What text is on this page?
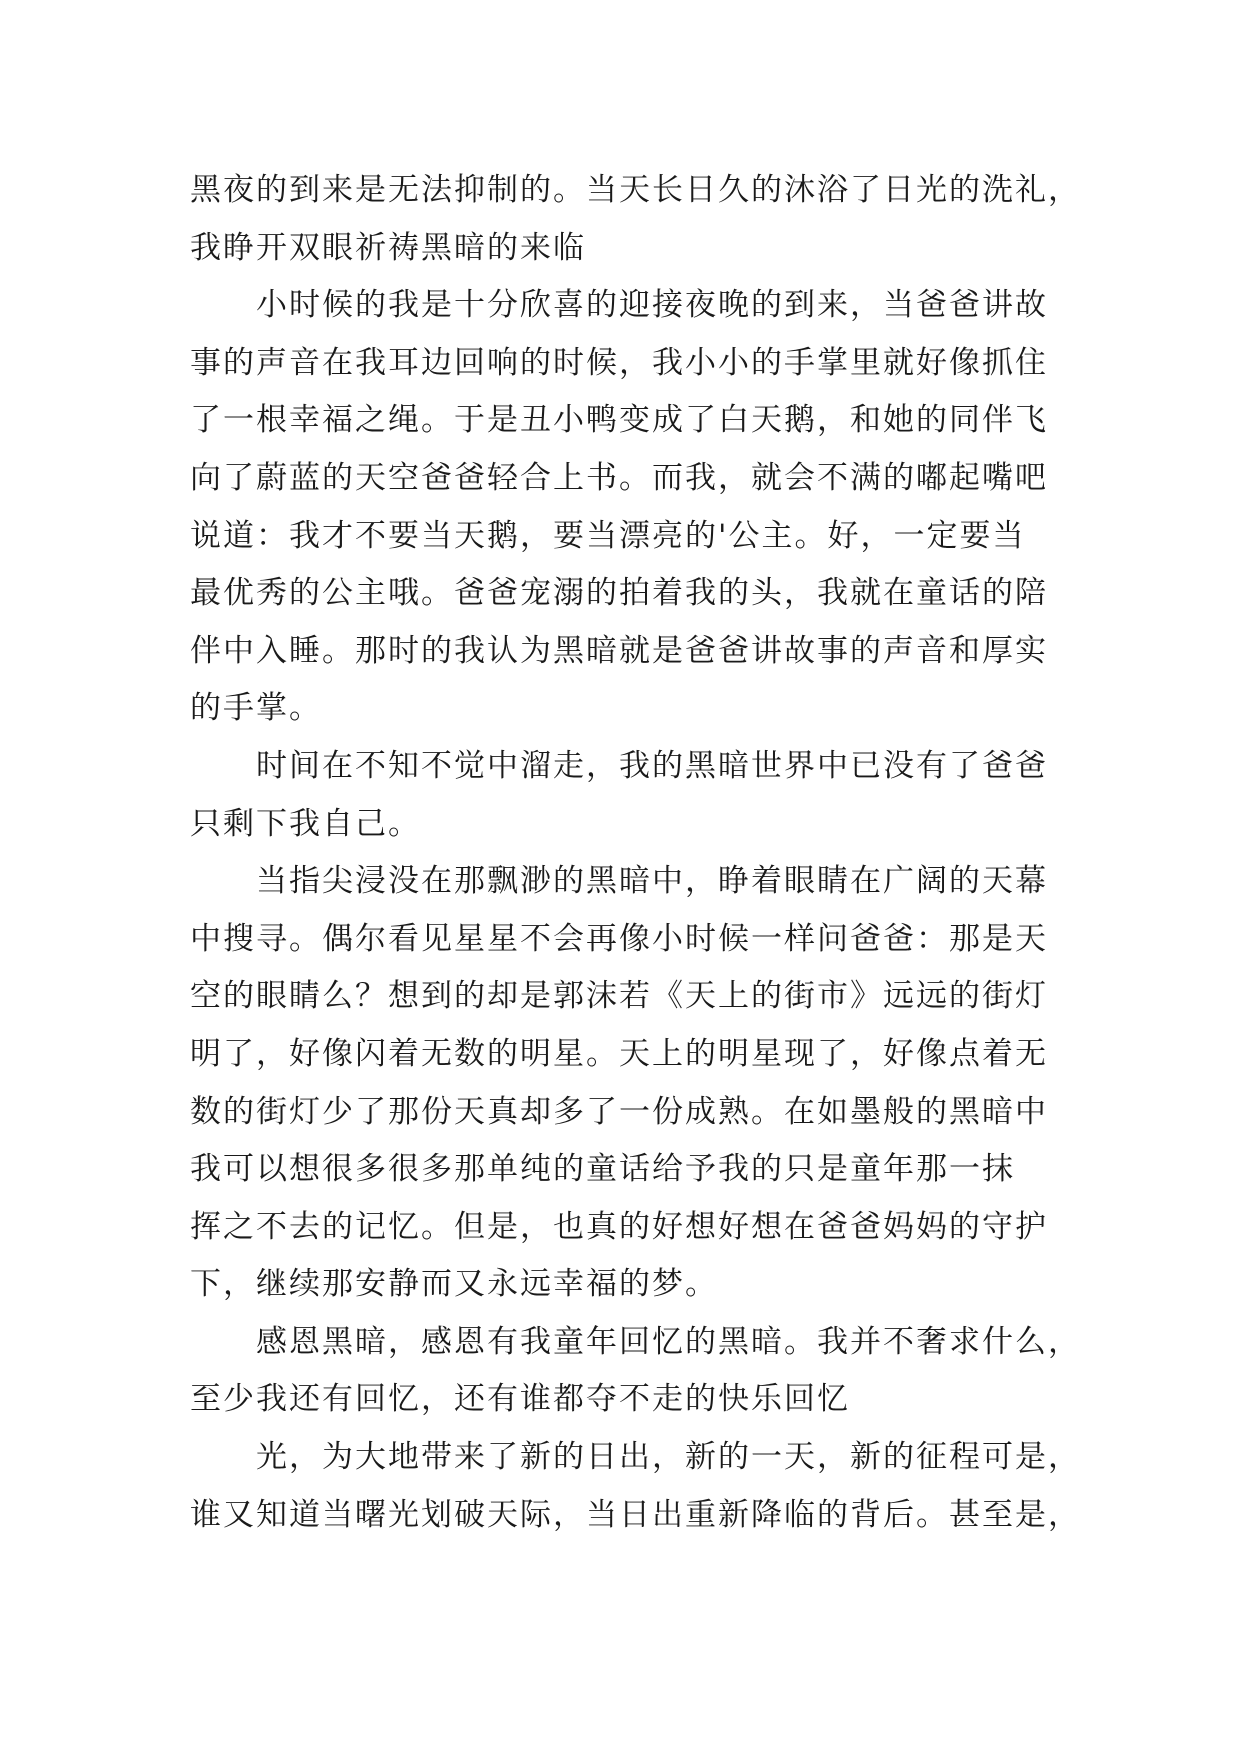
黑夜的到来是无法抑制的。当天长日久的沐浴了日光的洗礼，
我睁开双眼祈祷黑暗的来临
小时候的我是十分欣喜的迎接夜晚的到来，当爸爸讲故
事的声音在我耳边回响的时候，我小小的手掌里就好像抓住
了一根幸福之绳。于是丑小鸭变成了白天鹅，和她的同伴飞
向了蔚蓝的天空爸爸轻合上书。而我，就会不满的嘟起嘴吧
说道：我才不要当天鹅，要当漂亮的'公主。好，一定要当
最优秀的公主哦。爸爸宠溺的拍着我的头，我就在童话的陪
伴中入睡。那时的我认为黑暗就是爸爸讲故事的声音和厚实
的手掌。
时间在不知不觉中溜走，我的黑暗世界中已没有了爸爸
只剩下我自己。
当指尖浸没在那飘渺的黑暗中，睁着眼睛在广阔的天幕
中搜寻。偶尔看见星星不会再像小时候一样问爸爸：那是天
空的眼睛么？想到的却是郭沫若《天上的街市》远远的街灯
明了，好像闪着无数的明星。天上的明星现了，好像点着无
数的街灯少了那份天真却多了一份成熟。在如墨般的黑暗中
我可以想很多很多那单纯的童话给予我的只是童年那一抹
挥之不去的记忆。但是，也真的好想好想在爸爸妈妈的守护
下，继续那安静而又永远幸福的梦。
感恩黑暗，感恩有我童年回忆的黑暗。我并不奢求什么，
至少我还有回忆，还有谁都夺不走的快乐回忆
光，为大地带来了新的日出，新的一天，新的征程可是，
谁又知道当曙光划破天际，当日出重新降临的背后。甚至是，
